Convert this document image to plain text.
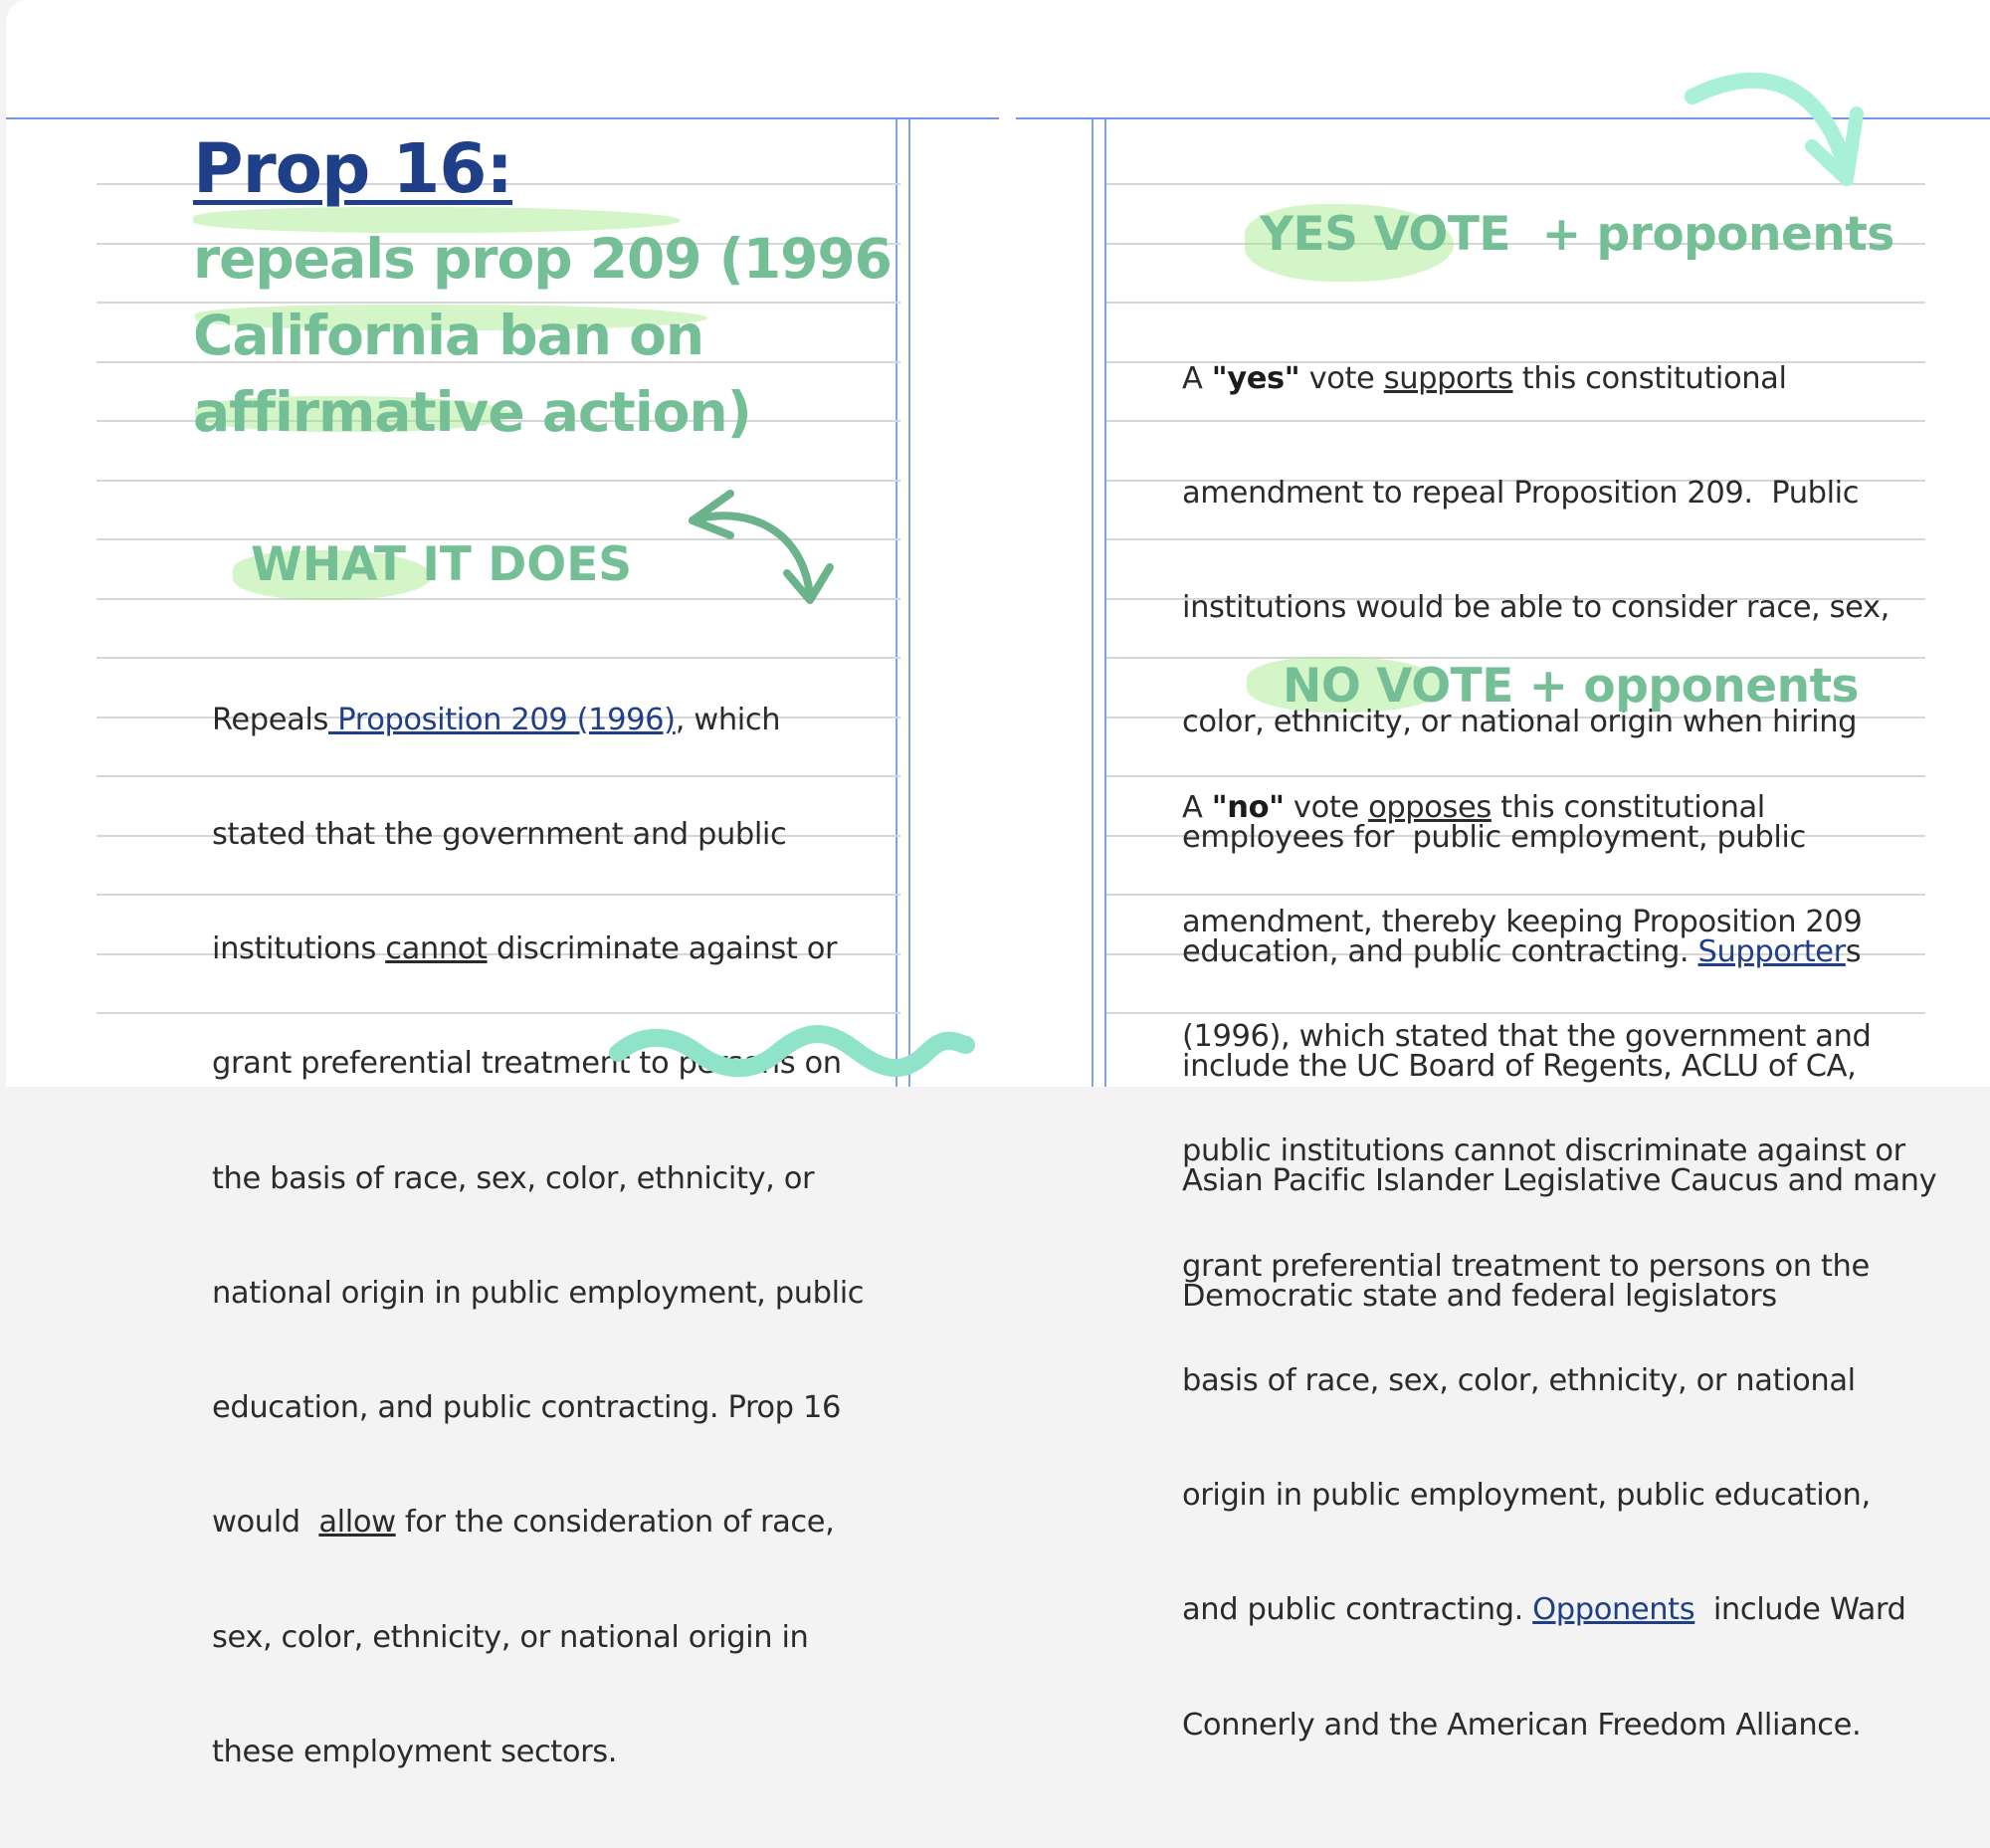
Prop 16:
repeals prop 209 (1996
California ban on
affirmative action)
WHAT IT DOES

Repeals Proposition 209 (1996), which

stated that the government and public

institutions cannot discriminate against or

grant preferential treatment to persons on

the basis of race, sex, color, ethnicity, or

national origin in public employment, public

education, and public contracting. Prop 16

would  allow for the consideration of race,

sex, color, ethnicity, or national origin in

these employment sectors.

YES VOTE  + proponents

A "yes" vote supports this constitutional

amendment to repeal Proposition 209.  Public

institutions would be able to consider race, sex,

color, ethnicity, or national origin when hiring

employees for  public employment, public

education, and public contracting. Supporters

include the UC Board of Regents, ACLU of CA,

Asian Pacific Islander Legislative Caucus and many

Democratic state and federal legislators

NO VOTE + opponents

A "no" vote opposes this constitutional

amendment, thereby keeping Proposition 209

(1996), which stated that the government and

public institutions cannot discriminate against or

grant preferential treatment to persons on the

basis of race, sex, color, ethnicity, or national

origin in public employment, public education,

and public contracting. Opponents  include Ward

Connerly and the American Freedom Alliance.
